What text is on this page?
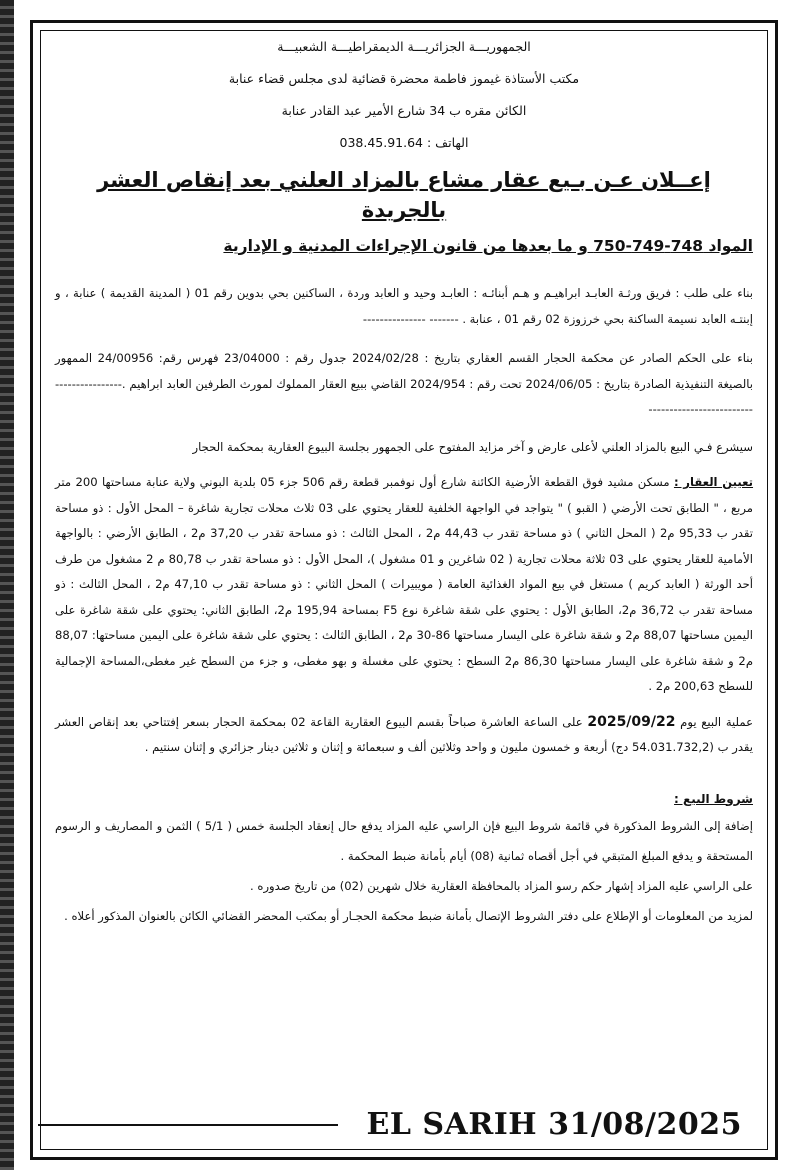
الجمهوريـــة الجزائريـــة الديمقراطيـــة الشعبيـــة
مكتب الأستاذة غيموز فاطمة محضرة قضائية لدى مجلس قضاء عنابة
الكائن مقره ب 34 شارع الأمير عبد القادر عنابة
الهاتف : 038.45.91.64
إعــلان عـن بـيع عقار مشاع بالمزاد العلني بعد إنقاص العشر بالجريدة
المواد 748-749-750 و ما بعدها من قانون الإجراءات المدنية و الإدارية
بناء على طلب : فريق ورثـة العابـد ابراهيـم و هـم أبنائـه : العابـد وحيد و العابد وردة ، الساكنين بحي بدوين رقم 01 ( المدينة القديمة ) عنابة ، و إبنتـه العابد نسيمة الساكنة بحي خرزوزة 02 رقم 01 ، عنابة . ------- ---------------
بناء على الحكم الصادر عن محكمة الحجار القسم العقاري بتاريخ : 2024/02/28 جدول رقم : 23/04000 فهرس رقم: 24/00956 الممهور بالصيغة التنفيذية الصادرة بتاريخ : 2024/06/05 تحت رقم : 2024/954 القاضي ببيع العقار المملوك لمورث الطرفين العابد ابراهيم .-----------------------------------------
سيشرع فـي البيع بالمزاد العلني لأعلى عارض و آخر مزايد المفتوح على الجمهور بجلسة البيوع العقارية بمحكمة الحجار
تعيين العقار : مسكن مشيد فوق القطعة الأرضية الكائنة شارع أول نوفمبر قطعة رقم 506 جزء 05 بلدية البوني ولاية عنابة مساحتها 200 متر مربع ، " الطابق تحت الأرضي ( القبو ) " يتواجد في الواجهة الخلفية للعقار يحتوي على 03 ثلاث محلات تجارية شاغرة – المحل الأول : ذو مساحة تقدر ب 95,33 م2 ( المحل الثاني ) ذو مساحة تقدر ب 44,43 م2 ، المحل الثالث : ذو مساحة تقدر ب 37,20 م2 ، الطابق الأرضي : بالواجهة الأمامية للعقار يحتوي على 03 ثلاثة محلات تجارية ( 02 شاغرين و 01 مشغول )، المحل الأول : ذو مساحة تقدر ب 80,78 م 2 مشغول من طرف أحد الورثة ( العابد كريم ) مستغل في بيع المواد الغذائية العامة ( مويبيرات ) المحل الثاني : ذو مساحة تقدر ب 47,10 م2 ، المحل الثالث : ذو مساحة تقدر ب 36,72 م2، الطابق الأول : يحتوي على شقة شاغرة نوع F5 بمساحة 195,94 م2، الطابق الثاني: يحتوي على شقة شاغرة على اليمين مساحتها 88,07 م2 و شقة شاغرة على اليسار مساحتها 86-30 م2 ، الطابق الثالث : يحتوي على شقة شاغرة على اليمين مساحتها: 88,07 م2 و شقة شاغرة على اليسار مساحتها 86,30 م2 السطح : يحتوي على مغسلة و بهو مغطى، و جزء من السطح غير مغطى،المساحة الإجمالية للسطح 200,63 م2 .
عملية البيع يوم 2025/09/22 على الساعة العاشرة صباحاً بقسم البيوع العقارية القاعة 02 بمحكمة الحجار بسعر إفتتاحي بعد إنقاص العشر يقدر ب (54.031.732,2 دج) أربعة و خمسون مليون و واحد وثلاثين ألف و سبعمائة و إثنان و ثلاثين دينار جزائري و إثنان سنتيم .
شروط البيع :
إضافة إلى الشروط المذكورة في قائمة شروط البيع فإن الراسي عليه المزاد يدفع حال إنعقاد الجلسة خمس ( 5/1 ) الثمن و المصاريف و الرسوم المستحقة و يدفع المبلغ المتبقي في أجل أقصاه ثمانية (08) أيام بأمانة ضبط المحكمة .
على الراسي عليه المزاد إشهار حكم رسو المزاد بالمحافظة العقارية خلال شهرين (02) من تاريخ صدوره .
لمزيد من المعلومات أو الإطلاع على دفتر الشروط الإتصال بأمانة ضبط محكمة الحجـار أو بمكتب المحضر القضائي الكائن بالعنوان المذكور أعلاه .
EL SARIH 31/08/2025
